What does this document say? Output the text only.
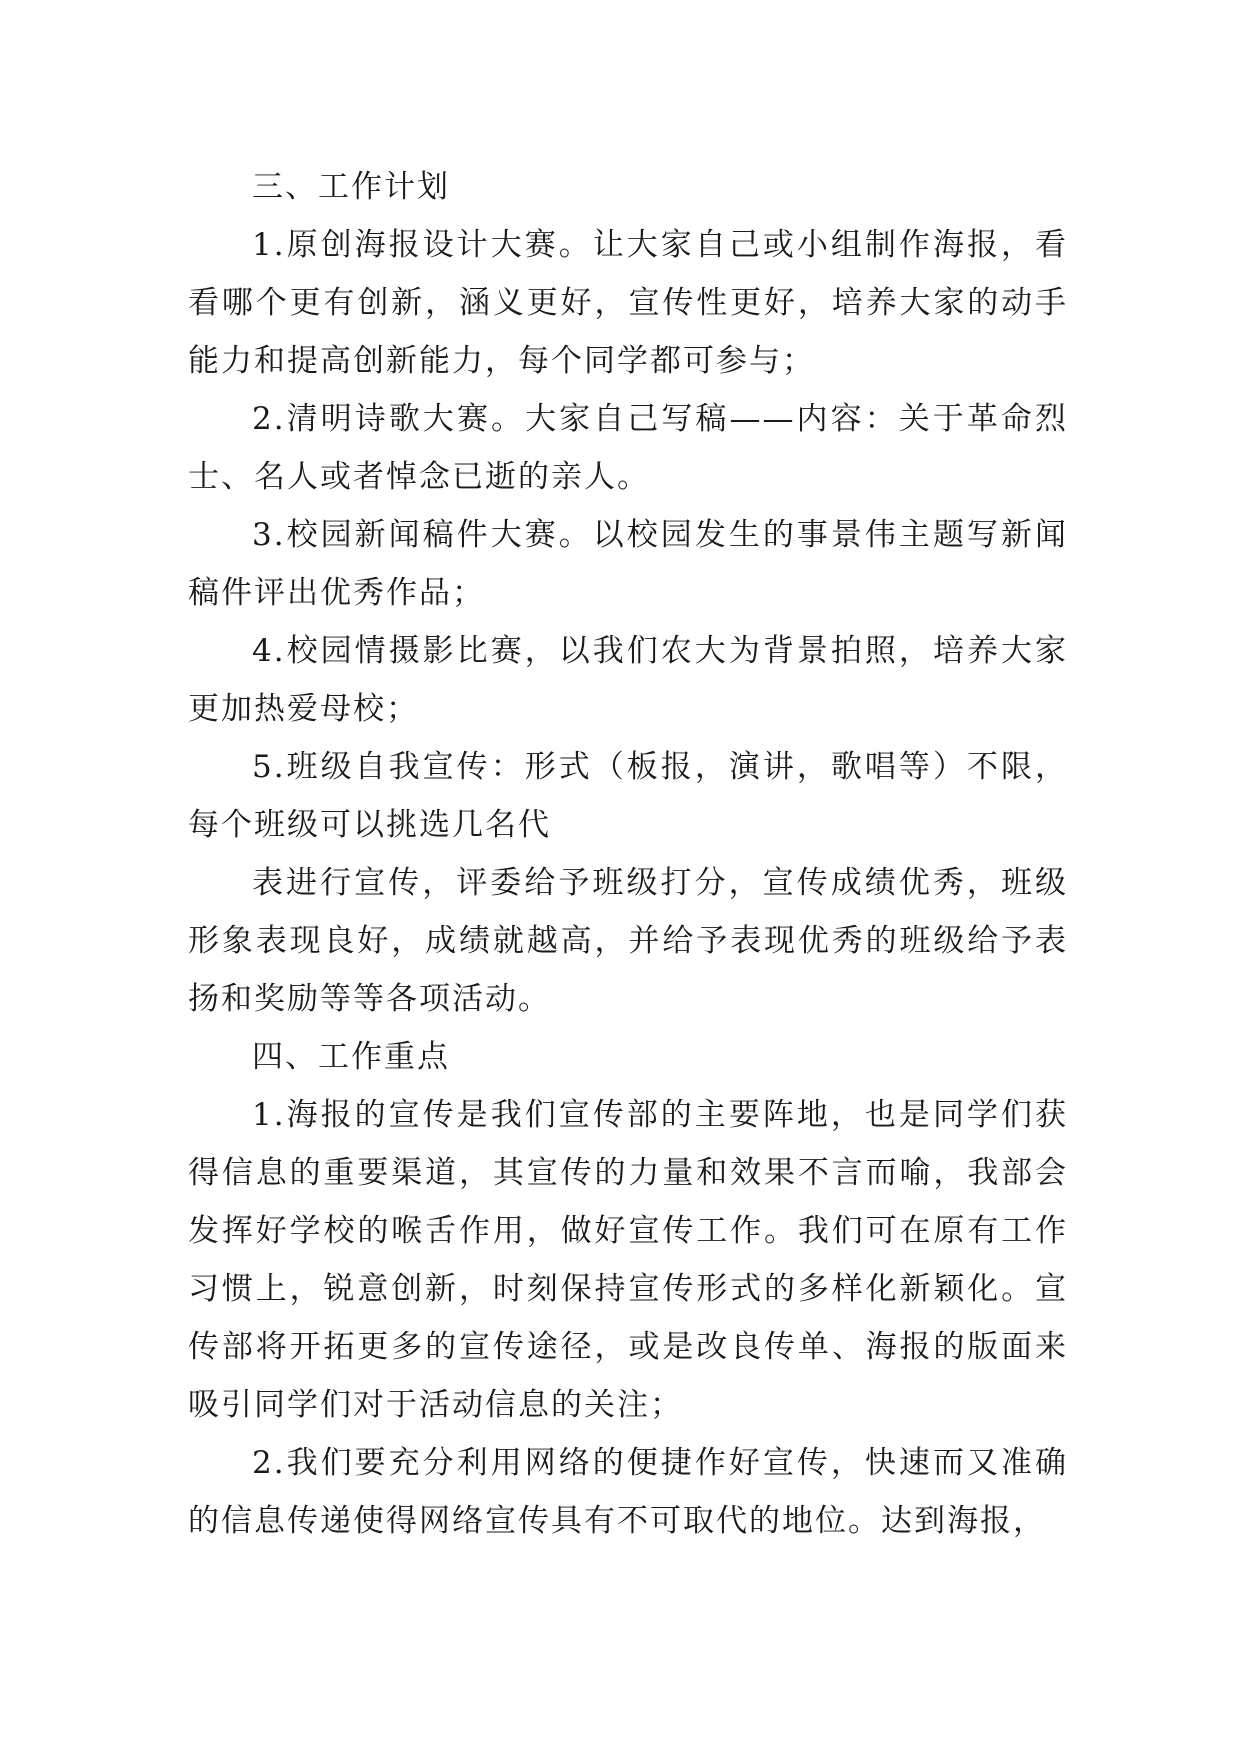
三、工作计划

1.原创海报设计大赛。让大家自己或小组制作海报，看看哪个更有创新，涵义更好，宣传性更好，培养大家的动手能力和提高创新能力，每个同学都可参与；

2.清明诗歌大赛。大家自己写稿——内容：关于革命烈士、名人或者悼念已逝的亲人。

3.校园新闻稿件大赛。以校园发生的事景伟主题写新闻稿件评出优秀作品；

4.校园情摄影比赛，以我们农大为背景拍照，培养大家更加热爱母校；

5.班级自我宣传：形式（板报，演讲，歌唱等）不限，每个班级可以挑选几名代

表进行宣传，评委给予班级打分，宣传成绩优秀，班级形象表现良好，成绩就越高，并给予表现优秀的班级给予表扬和奖励等等各项活动。

四、工作重点

1.海报的宣传是我们宣传部的主要阵地，也是同学们获得信息的重要渠道，其宣传的力量和效果不言而喻，我部会发挥好学校的喉舌作用，做好宣传工作。我们可在原有工作习惯上，锐意创新，时刻保持宣传形式的多样化新颖化。宣传部将开拓更多的宣传途径，或是改良传单、海报的版面来吸引同学们对于活动信息的关注；

2.我们要充分利用网络的便捷作好宣传，快速而又准确的信息传递使得网络宣传具有不可取代的地位。达到海报，
